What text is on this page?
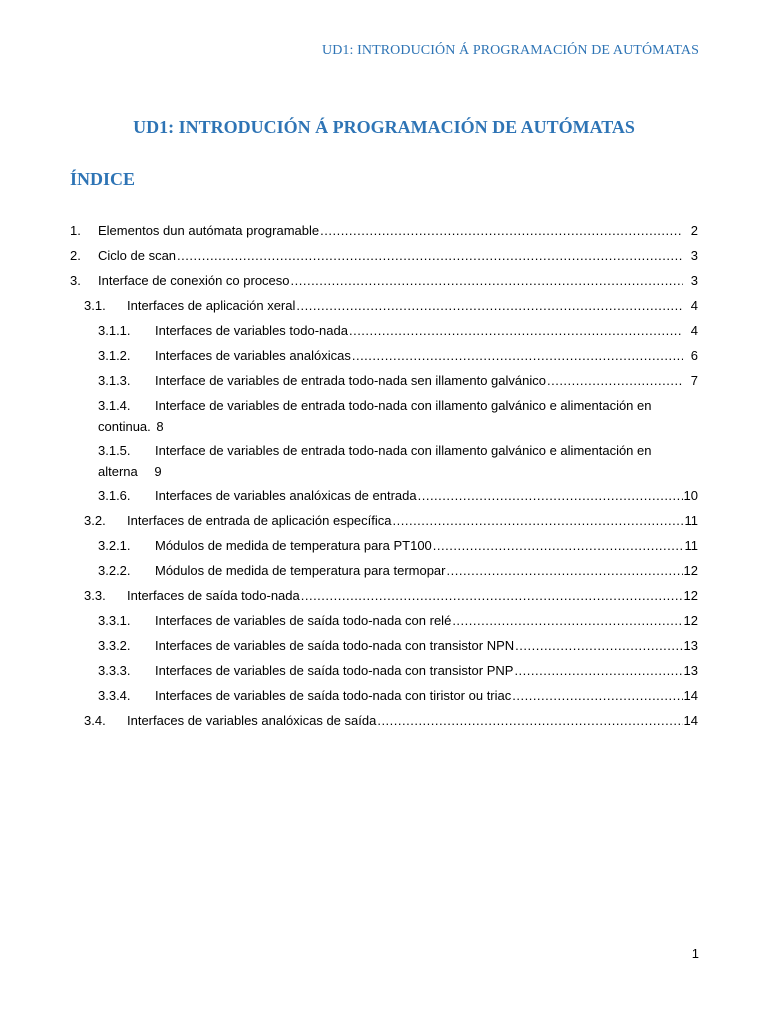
UD1: INTRODUCIÓN Á PROGRAMACIÓN DE AUTÓMATAS
UD1: INTRODUCIÓN Á PROGRAMACIÓN DE AUTÓMATAS
ÍNDICE
1.	Elementos dun autómata programable .....	2
2.	Ciclo de scan .....	3
3.	Interface de conexión co proceso .....	3
3.1.	Interfaces de aplicación xeral .....	4
3.1.1.	Interfaces de variables todo-nada .....	4
3.1.2.	Interfaces de variables analóxicas .....	6
3.1.3.	Interface de variables de entrada todo-nada sen illamento galvánico .....	7
3.1.4. Interface de variables de entrada todo-nada con illamento galvánico e alimentación en
continua. 8
3.1.5. Interface de variables de entrada todo-nada con illamento galvánico e alimentación en
alterna 9
3.1.6.	Interfaces de variables analóxicas de entrada .....	10
3.2.	Interfaces de entrada de aplicación específica .....	11
3.2.1.	Módulos de medida de temperatura para PT100 .....	11
3.2.2.	Módulos de medida de temperatura para termopar .....	12
3.3.	Interfaces de saída todo-nada .....	12
3.3.1.	Interfaces de variables de saída todo-nada con relé .....	12
3.3.2.	Interfaces de variables de saída todo-nada con transistor NPN .....	13
3.3.3.	Interfaces de variables de saída todo-nada con transistor PNP .....	13
3.3.4.	Interfaces de variables de saída todo-nada con tiristor ou triac .....	14
3.4.	Interfaces de variables analóxicas de saída .....	14
1
